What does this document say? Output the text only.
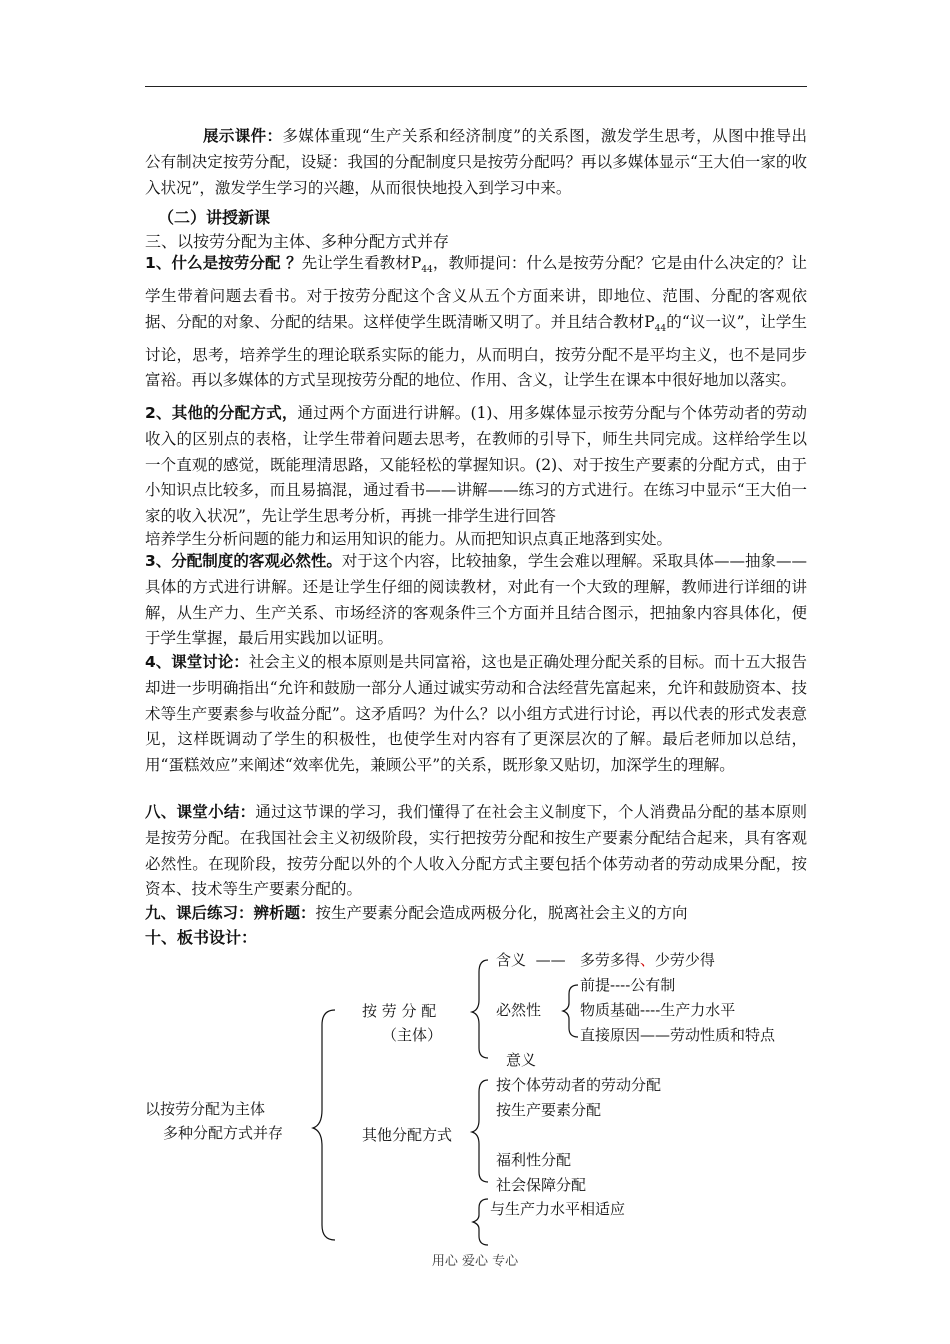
展示课件：多媒体重现“生产关系和经济制度”的关系图，激发学生思考，从图中推导出公有制决定按劳分配，设疑：我国的分配制度只是按劳分配吗？再以多媒体显示“王大伯一家的收入状况”，激发学生学习的兴趣，从而很快地投入到学习中来。
（二）讲授新课
三、以按劳分配为主体、多种分配方式并存
1、什么是按劳分配 ？先让学生看教材$P_{44}$，教师提问：什么是按劳分配？它是由什么决定的？让学生带着问题去看书。对于按劳分配这个含义从五个方面来讲，即地位、范围、分配的客观依据、分配的对象、分配的结果。这样使学生既清晰又明了。并且结合教材$P_{44}$的“议一议”，让学生讨论，思考，培养学生的理论联系实际的能力，从而明白，按劳分配不是平均主义，也不是同步富裕。再以多媒体的方式呈现按劳分配的地位、作用、含义，让学生在课本中很好地加以落实。
2、其他的分配方式，通过两个方面进行讲解。(1)、用多媒体显示按劳分配与个体劳动者的劳动收入的区别点的表格，让学生带着问题去思考，在教师的引导下，师生共同完成。这样给学生以一个直观的感觉，既能理清思路，又能轻松的掌握知识。(2)、对于按生产要素的分配方式，由于小知识点比较多，而且易搞混，通过看书——讲解——练习的方式进行。在练习中显示“王大伯一家的收入状况”，先让学生思考分析，再挑一排学生进行回答
培养学生分析问题的能力和运用知识的能力。从而把知识点真正地落到实处。
3、分配制度的客观必然性。对于这个内容，比较抽象，学生会难以理解。采取具体——抽象——具体的方式进行讲解。还是让学生仔细的阅读教材，对此有一个大致的理解，教师进行详细的讲解，从生产力、生产关系、市场经济的客观条件三个方面并且结合图示，把抽象内容具体化，便于学生掌握，最后用实践加以证明。
4、课堂讨论：社会主义的根本原则是共同富裕，这也是正确处理分配关系的目标。而十五大报告却进一步明确指出“允许和鼓励一部分人通过诚实劳动和合法经营先富起来，允许和鼓励资本、技术等生产要素参与收益分配”。这矛盾吗？为什么？以小组方式进行讨论，再以代表的形式发表意见，这样既调动了学生的积极性，也使学生对内容有了更深层次的了解。最后老师加以总结，用“蛋糕效应”来阐述“效率优先，兼顾公平”的关系，既形象又贴切，加深学生的理解。
八、课堂小结：通过这节课的学习，我们懂得了在社会主义制度下，个人消费品分配的基本原则是按劳分配。在我国社会主义初级阶段，实行把按劳分配和按生产要素分配结合起来，具有客观必然性。在现阶段，按劳分配以外的个人收入分配方式主要包括个体劳动者的劳动成果分配，按资本、技术等生产要素分配的。
九、课后练习：辨析题：按生产要素分配会造成两极分化，脱离社会主义的方向
十、板书设计：
以按劳分配为主体
多种分配方式并存
按 劳 分 配
（主体）
含义 —— 多劳多得、少劳少得
必然性
前提----公有制
物质基础----生产力水平
直接原因——劳动性质和特点
意义
其他分配方式
按个体劳动者的劳动分配
按生产要素分配
福利性分配
社会保障分配
与生产力水平相适应
用心 爱心 专心
